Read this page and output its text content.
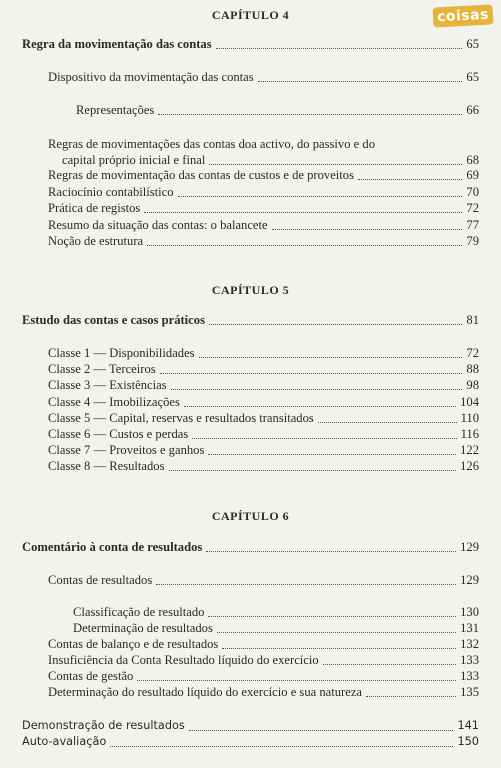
coisas
CAPÍTULO 4
Regra da movimentação das contas	65
Dispositivo da movimentação das contas	65
Representações	66
Regras de movimentações das contas doa activo, do passivo e do
capital próprio inicial e final	68
Regras de movimentação das contas de custos e de proveitos	69
Raciocínio contabilístico	70
Prática de registos	72
Resumo da situação das contas: o balancete	77
Noção de estrutura	79
CAPÍTULO 5
Estudo das contas e casos práticos	81
Classe 1 — Disponibilidades	72
Classe 2 — Terceiros	88
Classe 3 — Existências	98
Classe 4 — Imobilizações	104
Classe 5 — Capital, reservas e resultados transitados	110
Classe 6 — Custos e perdas	116
Classe 7 — Proveitos e ganhos	122
Classe 8 — Resultados	126
CAPÍTULO 6
Comentário à conta de resultados	129
Contas de resultados	129
Classificação de resultado	130
Determinação de resultados	131
Contas de balanço e de resultados	132
Insuficiência da Conta Resultado líquido do exercício	133
Contas de gestão	133
Determinação do resultado líquido do exercício e sua natureza	135
Demonstração de resultados	141
Auto-avaliação	150
